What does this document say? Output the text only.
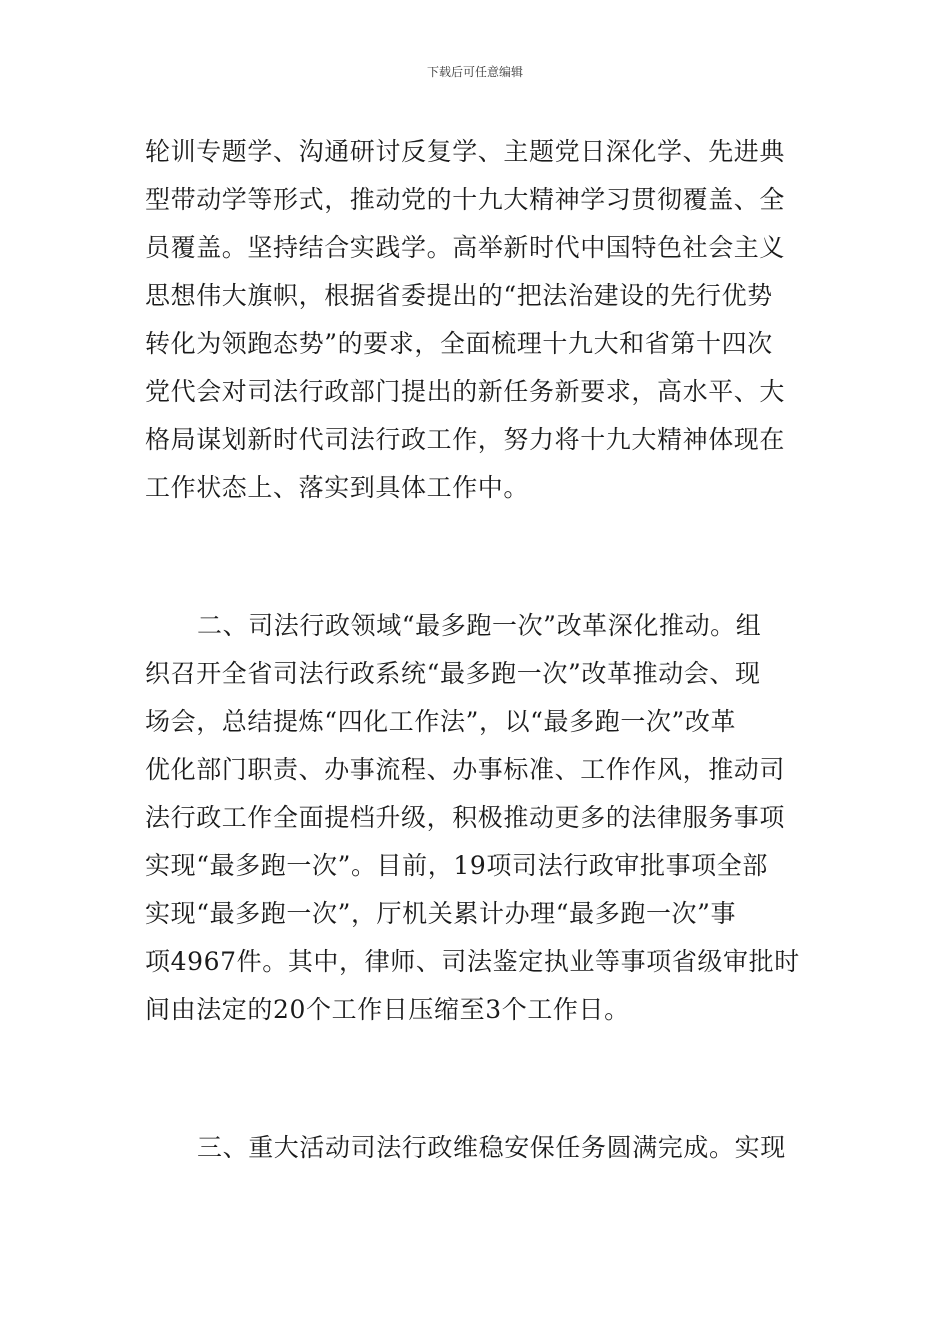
下载后可任意编辑
轮训专题学、沟通研讨反复学、主题党日深化学、先进典
型带动学等形式，推动党的十九大精神学习贯彻覆盖、全
员覆盖。坚持结合实践学。高举新时代中国特色社会主义
思想伟大旗帜，根据省委提出的“把法治建设的先行优势
转化为领跑态势”的要求，全面梳理十九大和省第十四次
党代会对司法行政部门提出的新任务新要求，高水平、大
格局谋划新时代司法行政工作，努力将十九大精神体现在
工作状态上、落实到具体工作中。
二、司法行政领域“最多跑一次”改革深化推动。组
织召开全省司法行政系统“最多跑一次”改革推动会、现
场会，总结提炼“四化工作法”，以“最多跑一次”改革
优化部门职责、办事流程、办事标准、工作作风，推动司
法行政工作全面提档升级，积极推动更多的法律服务事项
实现“最多跑一次”。目前，19项司法行政审批事项全部
实现“最多跑一次”，厅机关累计办理“最多跑一次”事
项4967件。其中，律师、司法鉴定执业等事项省级审批时
间由法定的20个工作日压缩至3个工作日。
三、重大活动司法行政维稳安保任务圆满完成。实现
